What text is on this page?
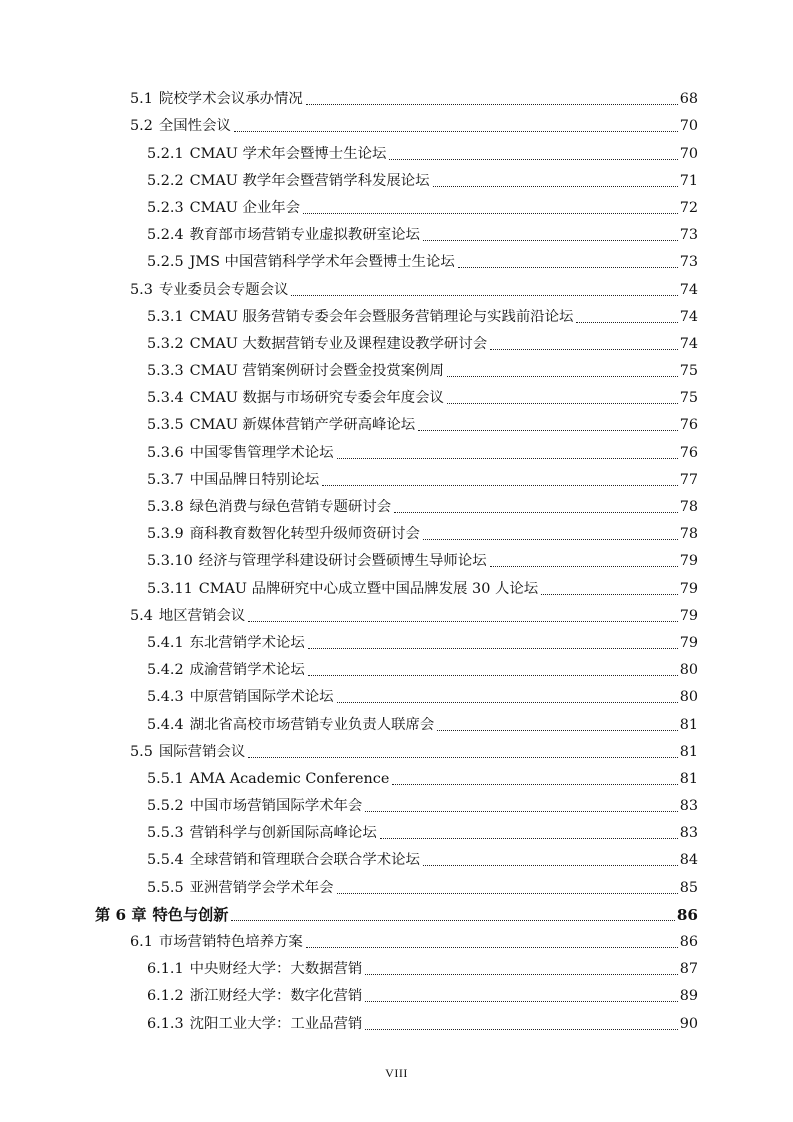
5.1 院校学术会议承办情况	68
5.2 全国性会议	70
5.2.1 CMAU 学术年会暨博士生论坛	70
5.2.2 CMAU 教学年会暨营销学科发展论坛	71
5.2.3 CMAU 企业年会	72
5.2.4 教育部市场营销专业虚拟教研室论坛	73
5.2.5 JMS 中国营销科学学术年会暨博士生论坛	73
5.3 专业委员会专题会议	74
5.3.1 CMAU 服务营销专委会年会暨服务营销理论与实践前沿论坛	74
5.3.2 CMAU 大数据营销专业及课程建设教学研讨会	74
5.3.3 CMAU 营销案例研讨会暨金投赏案例周	75
5.3.4 CMAU 数据与市场研究专委会年度会议	75
5.3.5 CMAU 新媒体营销产学研高峰论坛	76
5.3.6 中国零售管理学术论坛	76
5.3.7 中国品牌日特别论坛	77
5.3.8 绿色消费与绿色营销专题研讨会	78
5.3.9 商科教育数智化转型升级师资研讨会	78
5.3.10 经济与管理学科建设研讨会暨硕博生导师论坛	79
5.3.11 CMAU 品牌研究中心成立暨中国品牌发展 30 人论坛	79
5.4 地区营销会议	79
5.4.1 东北营销学术论坛	79
5.4.2 成渝营销学术论坛	80
5.4.3 中原营销国际学术论坛	80
5.4.4 湖北省高校市场营销专业负责人联席会	81
5.5 国际营销会议	81
5.5.1 AMA Academic Conference	81
5.5.2 中国市场营销国际学术年会	83
5.5.3 营销科学与创新国际高峰论坛	83
5.5.4 全球营销和管理联合会联合学术论坛	84
5.5.5 亚洲营销学会学术年会	85
第 6 章 特色与创新	86
6.1 市场营销特色培养方案	86
6.1.1 中央财经大学：大数据营销	87
6.1.2 浙江财经大学：数字化营销	89
6.1.3 沈阳工业大学：工业品营销	90
VIII
